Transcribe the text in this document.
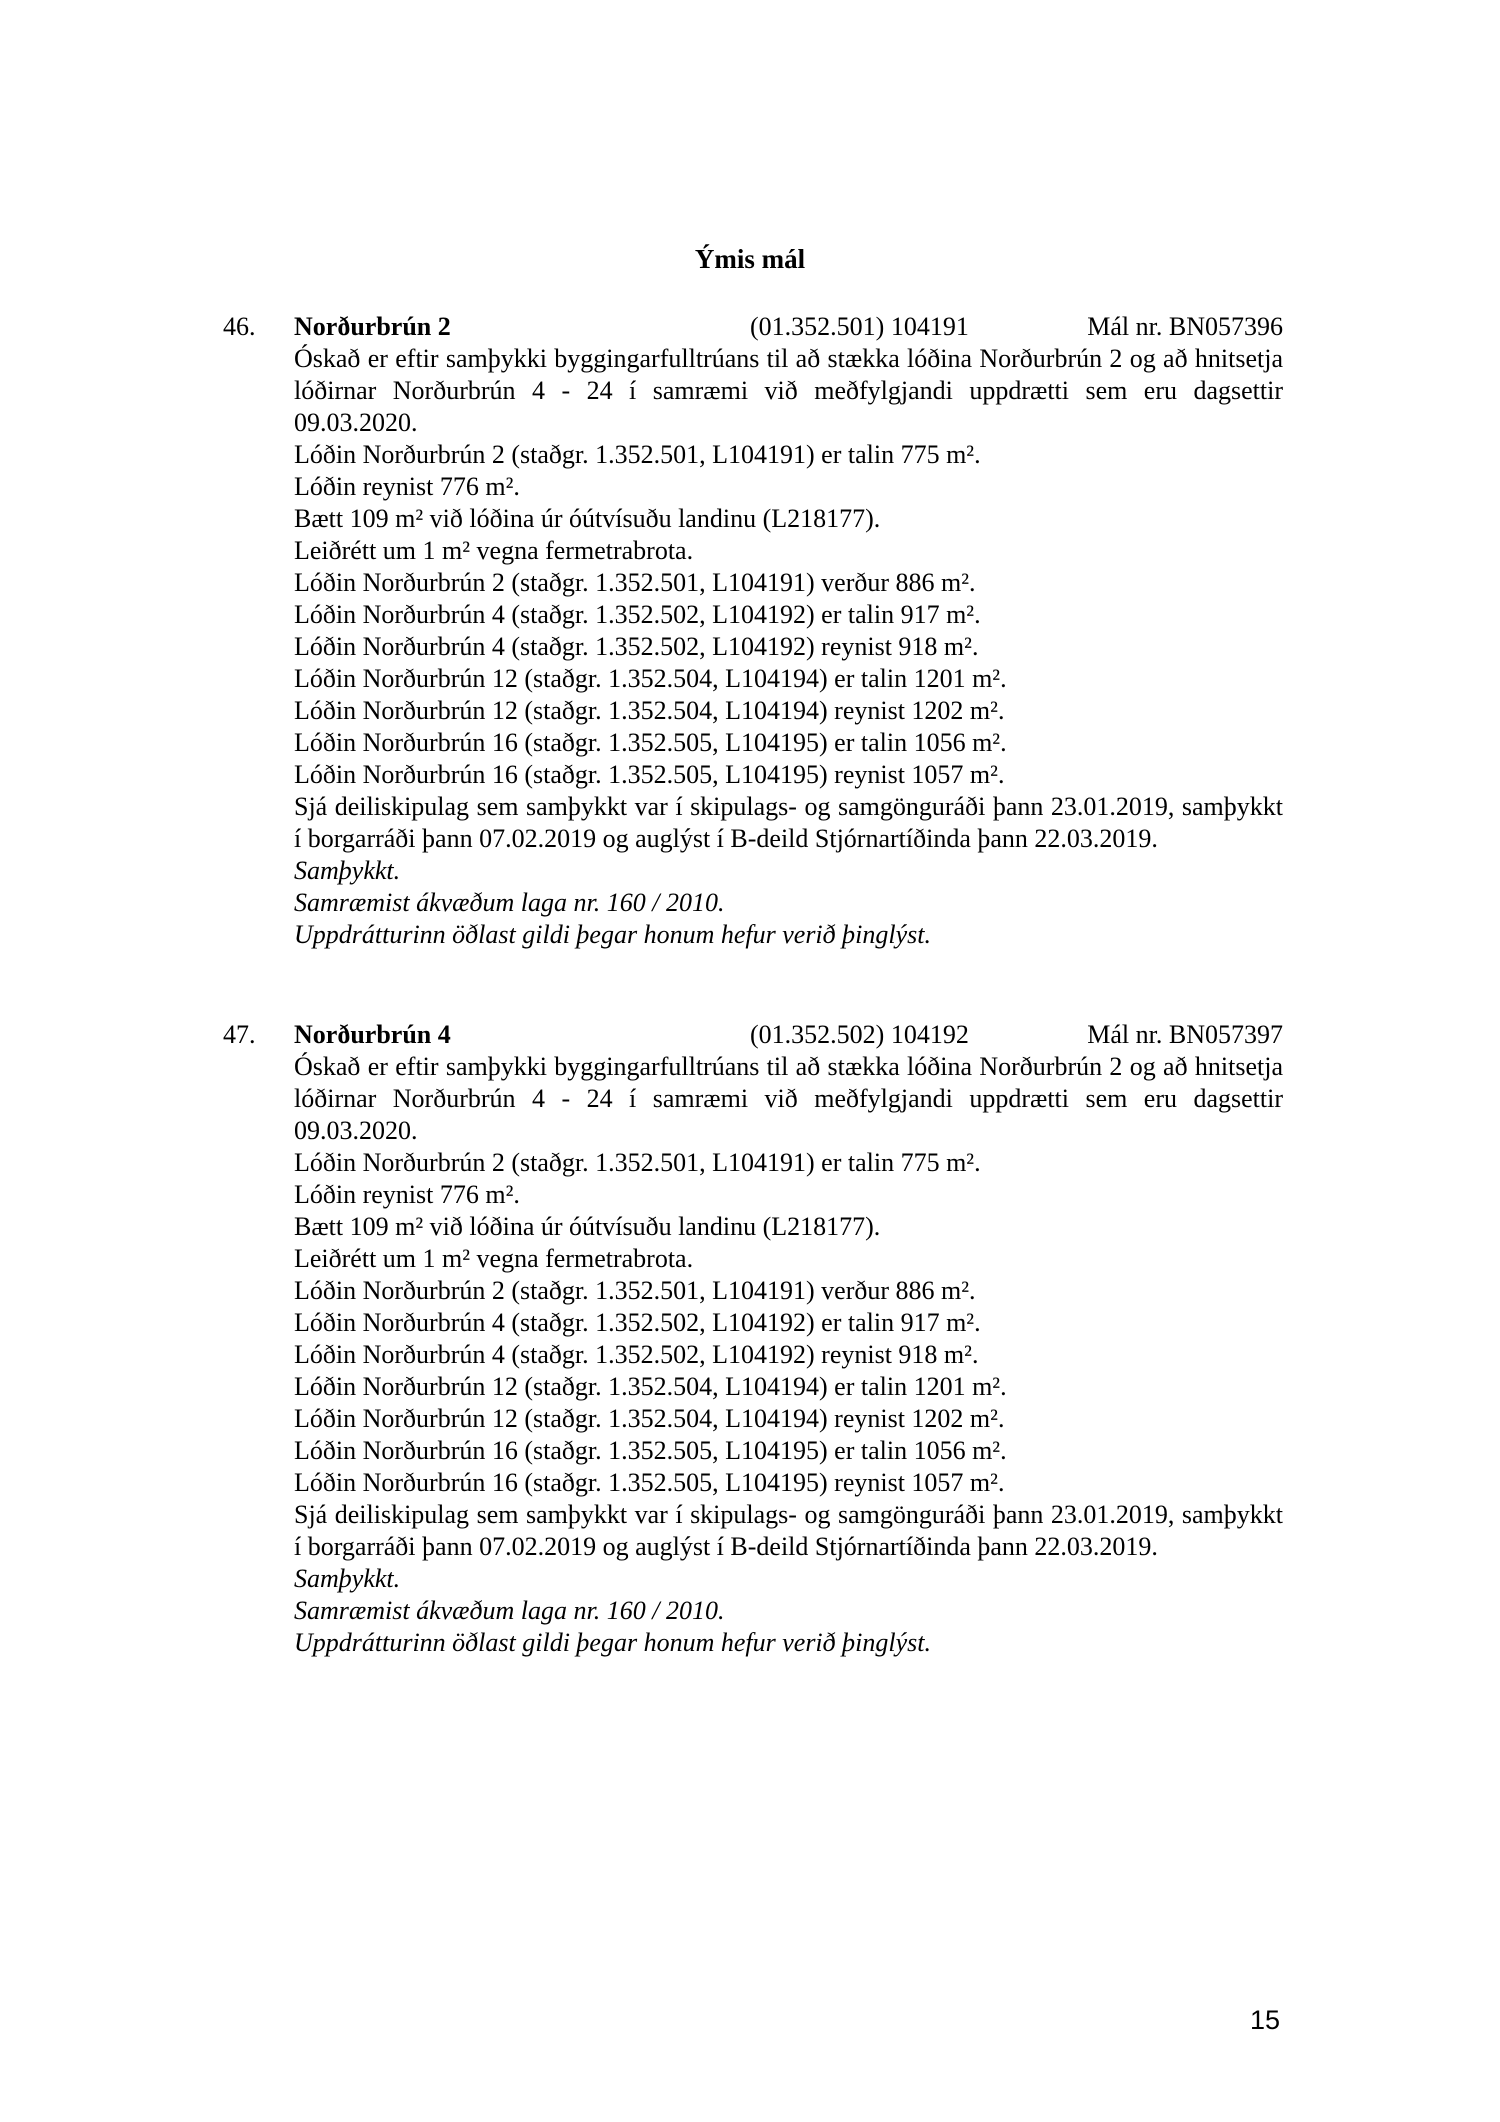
Ýmis mál
46. Norðurbrún 2	(01.352.501) 104191	Mál nr. BN057396

Óskað er eftir samþykki byggingarfulltrúans til að stækka lóðina Norðurbrún 2 og að hnitsetja lóðirnar Norðurbrún 4 - 24 í samræmi við meðfylgjandi uppdrætti sem eru dagsettir 09.03.2020.

Lóðin Norðurbrún 2 (staðgr. 1.352.501, L104191) er talin 775 m².

Lóðin reynist 776 m².

Bætt 109 m² við lóðina úr óútvísuðu landinu (L218177).

Leiðrétt um 1 m² vegna fermetrabrota.

Lóðin Norðurbrún 2 (staðgr. 1.352.501, L104191) verður 886 m².

Lóðin Norðurbrún 4 (staðgr. 1.352.502, L104192) er talin 917 m².

Lóðin Norðurbrún 4 (staðgr. 1.352.502, L104192) reynist 918 m².

Lóðin Norðurbrún 12 (staðgr. 1.352.504, L104194) er talin 1201 m².

Lóðin Norðurbrún 12 (staðgr. 1.352.504, L104194) reynist 1202 m².

Lóðin Norðurbrún 16 (staðgr. 1.352.505, L104195) er talin 1056 m².

Lóðin Norðurbrún 16 (staðgr. 1.352.505, L104195) reynist 1057 m².

Sjá deiliskipulag sem samþykkt var í skipulags- og samgönguráði þann 23.01.2019, samþykkt í borgarráði þann 07.02.2019 og auglýst í B-deild Stjórnartíðinda þann 22.03.2019.

Samþykkt.

Samræmist ákvæðum laga nr. 160 / 2010.

Uppdrátturinn öðlast gildi þegar honum hefur verið þinglýst.

47. Norðurbrún 4	(01.352.502) 104192	Mál nr. BN057397

Óskað er eftir samþykki byggingarfulltrúans til að stækka lóðina Norðurbrún 2 og að hnitsetja lóðirnar Norðurbrún 4 - 24 í samræmi við meðfylgjandi uppdrætti sem eru dagsettir 09.03.2020.

Lóðin Norðurbrún 2 (staðgr. 1.352.501, L104191) er talin 775 m².

Lóðin reynist 776 m².

Bætt 109 m² við lóðina úr óútvísuðu landinu (L218177).

Leiðrétt um 1 m² vegna fermetrabrota.

Lóðin Norðurbrún 2 (staðgr. 1.352.501, L104191) verður 886 m².

Lóðin Norðurbrún 4 (staðgr. 1.352.502, L104192) er talin 917 m².

Lóðin Norðurbrún 4 (staðgr. 1.352.502, L104192) reynist 918 m².

Lóðin Norðurbrún 12 (staðgr. 1.352.504, L104194) er talin 1201 m².

Lóðin Norðurbrún 12 (staðgr. 1.352.504, L104194) reynist 1202 m².

Lóðin Norðurbrún 16 (staðgr. 1.352.505, L104195) er talin 1056 m².

Lóðin Norðurbrún 16 (staðgr. 1.352.505, L104195) reynist 1057 m².

Sjá deiliskipulag sem samþykkt var í skipulags- og samgönguráði þann 23.01.2019, samþykkt í borgarráði þann 07.02.2019 og auglýst í B-deild Stjórnartíðinda þann 22.03.2019.

Samþykkt.

Samræmist ákvæðum laga nr. 160 / 2010.

Uppdrátturinn öðlast gildi þegar honum hefur verið þinglýst.

15
